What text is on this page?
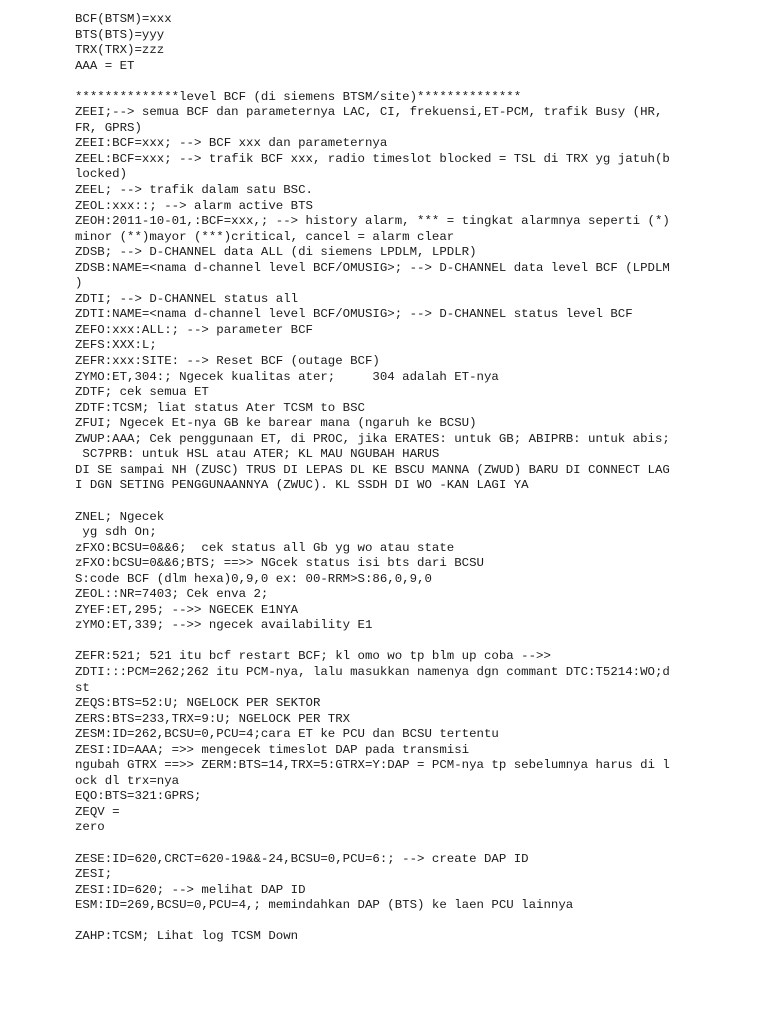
BCF(BTSM)=xxx
BTS(BTS)=yyy
TRX(TRX)=zzz
AAA = ET
**************level BCF (di siemens BTSM/site)**************
ZEEI;--> semua BCF dan parameternya LAC, CI, frekuensi,ET-PCM, trafik Busy (HR,
FR, GPRS)
ZEEI:BCF=xxx; --> BCF xxx dan parameternya
ZEEL:BCF=xxx; --> trafik BCF xxx, radio timeslot blocked = TSL di TRX yg jatuh(b
locked)
ZEEL; --> trafik dalam satu BSC.
ZEOL:xxx::; --> alarm active BTS
ZEOH:2011-10-01,:BCF=xxx,; --> history alarm, *** = tingkat alarmnya seperti (*)
minor (**)mayor (***)critical, cancel = alarm clear
ZDSB; --> D-CHANNEL data ALL (di siemens LPDLM, LPDLR)
ZDSB:NAME=<nama d-channel level BCF/OMUSIG>; --> D-CHANNEL data level BCF (LPDLM
)
ZDTI; --> D-CHANNEL status all
ZDTI:NAME=<nama d-channel level BCF/OMUSIG>; --> D-CHANNEL status level BCF
ZEFO:xxx:ALL:; --> parameter BCF
ZEFS:XXX:L;
ZEFR:xxx:SITE: --> Reset BCF (outage BCF)
ZYMO:ET,304:; Ngecek kualitas ater;     304 adalah ET-nya
ZDTF; cek semua ET
ZDTF:TCSM; liat status Ater TCSM to BSC
ZFUI; Ngecek Et-nya GB ke barear mana (ngaruh ke BCSU)
ZWUP:AAA; Cek penggunaan ET, di PROC, jika ERATES: untuk GB; ABIPRB: untuk abis;
SC7PRB: untuk HSL atau ATER; KL MAU NGUBAH HARUS
DI SE sampai NH (ZUSC) TRUS DI LEPAS DL KE BSCU MANNA (ZWUD) BARU DI CONNECT LAG
I DGN SETING PENGGUNAANNYA (ZWUC). KL SSDH DI WO -KAN LAGI YA
ZNEL; Ngecek
yg sdh On;
zFXO:BCSU=0&&6;  cek status all Gb yg wo atau state
zFXO:bCSU=0&&6;BTS; ==>> NGcek status isi bts dari BCSU
S:code BCF (dlm hexa)0,9,0 ex: 00-RRM>S:86,0,9,0
ZEOL::NR=7403; Cek enva 2;
ZYEF:ET,295; -->> NGECEK E1NYA
zYMO:ET,339; -->> ngecek availability E1
ZEFR:521; 521 itu bcf restart BCF; kl omo wo tp blm up coba -->>
ZDTI:::PCM=262;262 itu PCM-nya, lalu masukkan namenya dgn commant DTC:T5214:WO;d
st
ZEQS:BTS=52:U; NGELOCK PER SEKTOR
ZERS:BTS=233,TRX=9:U; NGELOCK PER TRX
ZESM:ID=262,BCSU=0,PCU=4;cara ET ke PCU dan BCSU tertentu
ZESI:ID=AAA; =>> mengecek timeslot DAP pada transmisi
ngubah GTRX ==>> ZERM:BTS=14,TRX=5:GTRX=Y:DAP = PCM-nya tp sebelumnya harus di l
ock dl trx=nya
EQO:BTS=321:GPRS;
ZEQV =
zero
ZESE:ID=620,CRCT=620-19&&-24,BCSU=0,PCU=6:; --> create DAP ID
ZESI;
ZESI:ID=620; --> melihat DAP ID
ESM:ID=269,BCSU=0,PCU=4,; memindahkan DAP (BTS) ke laen PCU lainnya
ZAHP:TCSM; Lihat log TCSM Down
